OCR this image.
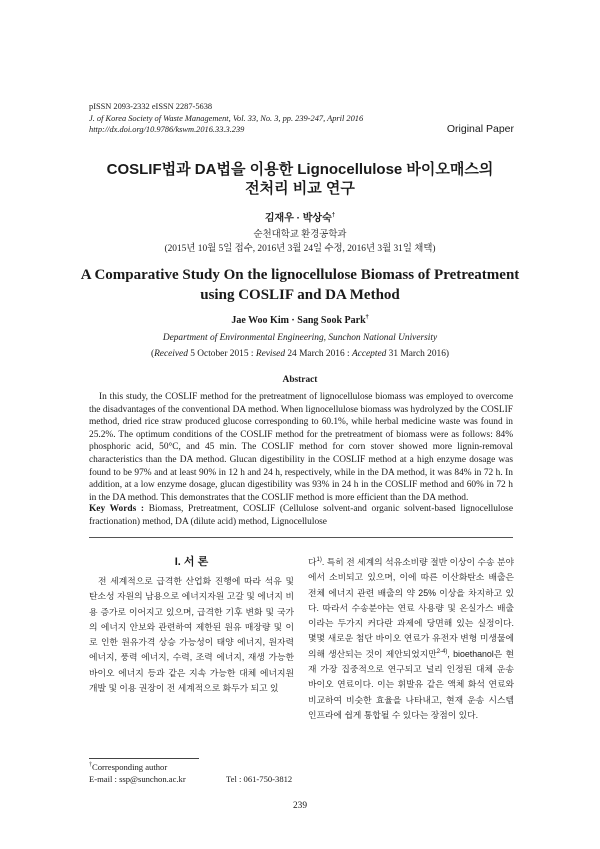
pISSN 2093-2332 eISSN 2287-5638
J. of Korea Society of Waste Management, Vol. 33, No. 3, pp. 239-247, April 2016
http://dx.doi.org/10.9786/kswm.2016.33.3.239	Original Paper
COSLIF법과 DA법을 이용한 Lignocellulose 바이오매스의
전처리 비교 연구
김재우 · 박상숙†
순천대학교 환경공학과
(2015년 10월 5일 접수, 2016년 3월 24일 수정, 2016년 3월 31일 채택)
A Comparative Study On the lignocellulose Biomass of Pretreatment
using COSLIF and DA Method
Jae Woo Kim · Sang Sook Park†
Department of Environmental Engineering, Sunchon National University
(Received 5 October 2015 : Revised 24 March 2016 : Accepted 31 March 2016)
Abstract

In this study, the COSLIF method for the pretreatment of lignocellulose biomass was employed to overcome the disadvantages of the conventional DA method. When lignocellulose biomass was hydrolyzed by the COSLIF method, dried rice straw produced glucose corresponding to 60.1%, while herbal medicine waste was found in 25.2%. The optimum conditions of the COSLIF method for the pretreatment of biomass were as follows: 84% phosphoric acid, 50°C, and 45 min. The COSLIF method for corn stover showed more lignin-removal characteristics than the DA method. Glucan digestibility in the COSLIF method at a high enzyme dosage was found to be 97% and at least 90% in 12 h and 24 h, respectively, while in the DA method, it was 84% in 72 h. In addition, at a low enzyme dosage, glucan digestibility was 93% in 24 h in the COSLIF method and 60% in 72 h in the DA method. This demonstrates that the COSLIF method is more efficient than the DA method.

Key Words : Biomass, Pretreatment, COSLIF (Cellulose solvent-and organic solvent-based lignocellulose fractionation) method, DA (dilute acid) method, Lignocellulose
I. 서 론

전 세계적으로 급격한 산업화 진행에 따라 석유 및 탄소성 자원의 남용으로 에너지자원 고갈 및 에너지 비용 증가로 이어지고 있으며, 급격한 기후 변화 및 국가의 에너지 안보와 관련하여 제한된 원유 매장량 및 이로 인한 원유가격 상승 가능성이 태양 에너지, 원자력 에너지, 풍력 에너지, 수력, 조력 에너지, 재생 가능한 바이오 에너지 등과 같은 지속 가능한 대체 에너지원 개발 및 이용 권장이 전 세계적으로 화두가 되고 있

다$^{1)}$. 특히 전 세계의 석유소비량 절반 이상이 수송 분야에서 소비되고 있으며, 이에 따른 이산화탄소 배출은 전체 에너지 관련 배출의 약 25% 이상을 차지하고 있다. 따라서 수송분야는 연료 사용량 및 온실가스 배출이라는 두가지 커다란 과제에 당면해 있는 실정이다. 몇몇 새로운 첨단 바이오 연료가 유전자 변형 미생물에 의해 생산되는 것이 제안되었지만$^{2-4)}$, bioethanol은 현재 가장 집중적으로 연구되고 널리 인정된 대체 운송 바이오 연료이다. 이는 휘발유 같은 액체 화석 연료와 비교하여 비슷한 효율을 나타내고, 현재 운송 시스템 인프라에 쉽게 통합될 수 있다는 장점이 있다.

†Corresponding author
E-mail : ssp@sunchon.ac.kr	Tel : 061-750-3812
239
